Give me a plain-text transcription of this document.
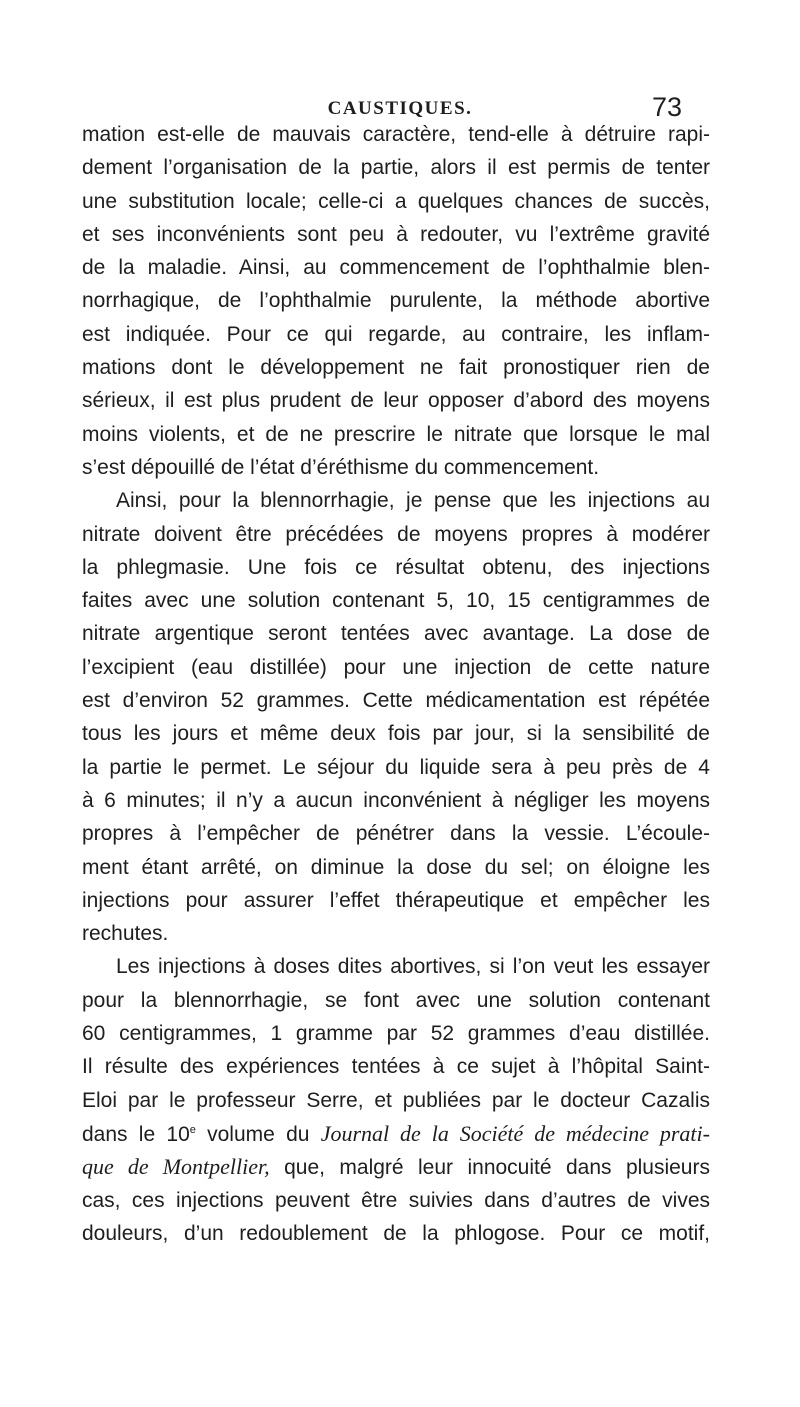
CAUSTIQUES.	73
mation est-elle de mauvais caractère, tend-elle à détruire rapi-
dement l’organisation de la partie, alors il est permis de tenter
une substitution locale; celle-ci a quelques chances de succès,
et ses inconvénients sont peu à redouter, vu l’extrême gravité
de la maladie. Ainsi, au commencement de l’ophthalmie blen-
norrhagique, de l’ophthalmie purulente, la méthode abortive
est indiquée. Pour ce qui regarde, au contraire, les inflam-
mations dont le développement ne fait pronostiquer rien de
sérieux, il est plus prudent de leur opposer d’abord des moyens
moins violents, et de ne prescrire le nitrate que lorsque le mal
s’est dépouillé de l’état d’éréthisme du commencement.
Ainsi, pour la blennorrhagie, je pense que les injections au
nitrate doivent être précédées de moyens propres à modérer
la phlegmasie. Une fois ce résultat obtenu, des injections
faites avec une solution contenant 5, 10, 15 centigrammes de
nitrate argentique seront tentées avec avantage. La dose de
l’excipient (eau distillée) pour une injection de cette nature
est d’environ 52 grammes. Cette médicamentation est répétée
tous les jours et même deux fois par jour, si la sensibilité de
la partie le permet. Le séjour du liquide sera à peu près de 4
à 6 minutes; il n’y a aucun inconvénient à négliger les moyens
propres à l’empêcher de pénétrer dans la vessie. L’écoule-
ment étant arrêté, on diminue la dose du sel; on éloigne les
injections pour assurer l’effet thérapeutique et empêcher les
rechutes.
Les injections à doses dites abortives, si l’on veut les essayer
pour la blennorrhagie, se font avec une solution contenant
60 centigrammes, 1 gramme par 52 grammes d’eau distillée.
Il résulte des expériences tentées à ce sujet à l’hôpital Saint-
Eloi par le professeur Serre, et publiées par le docteur Cazalis
dans le 10e volume du Journal de la Société de médecine prati-
que de Montpellier, que, malgré leur innocuité dans plusieurs
cas, ces injections peuvent être suivies dans d’autres de vives
douleurs, d’un redoublement de la phlogose. Pour ce motif,
